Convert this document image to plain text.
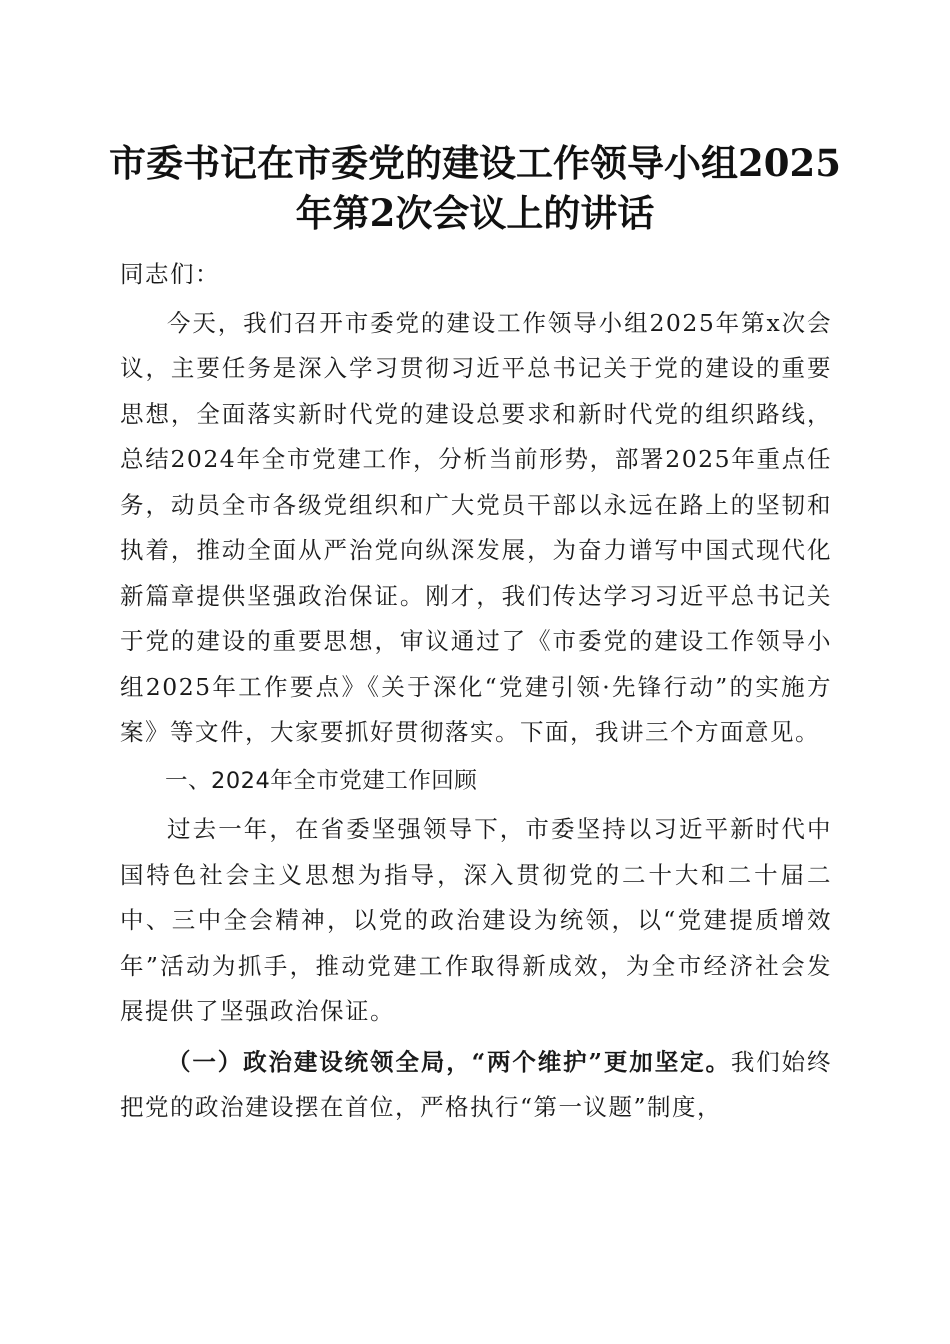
市委书记在市委党的建设工作领导小组2025年第2次会议上的讲话

同志们：

今天，我们召开市委党的建设工作领导小组2025年第x次会议，主要任务是深入学习贯彻习近平总书记关于党的建设的重要思想，全面落实新时代党的建设总要求和新时代党的组织路线，总结2024年全市党建工作，分析当前形势，部署2025年重点任务，动员全市各级党组织和广大党员干部以永远在路上的坚韧和执着，推动全面从严治党向纵深发展，为奋力谱写中国式现代化新篇章提供坚强政治保证。刚才，我们传达学习习近平总书记关于党的建设的重要思想，审议通过了《市委党的建设工作领导小组2025年工作要点》《关于深化“党建引领·先锋行动”的实施方案》等文件，大家要抓好贯彻落实。下面，我讲三个方面意见。

一、2024年全市党建工作回顾

过去一年，在省委坚强领导下，市委坚持以习近平新时代中国特色社会主义思想为指导，深入贯彻党的二十大和二十届二中、三中全会精神，以党的政治建设为统领，以“党建提质增效年”活动为抓手，推动党建工作取得新成效，为全市经济社会发展提供了坚强政治保证。

（一）政治建设统领全局，“两个维护”更加坚定。我们始终把党的政治建设摆在首位，严格执行“第一议题”制度，
